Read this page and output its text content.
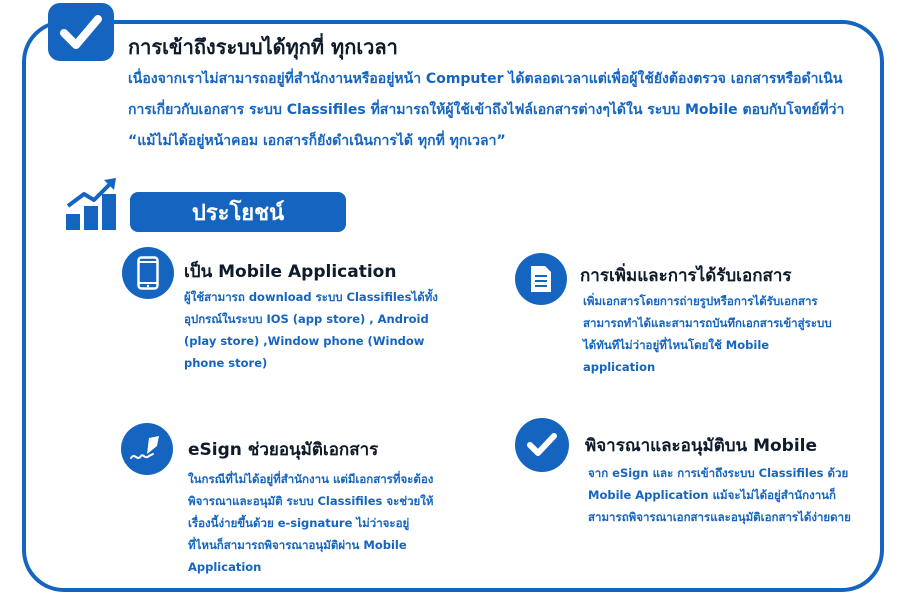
การเข้าถึงระบบได้ทุกที่ ทุกเวลา
เนื่องจากเราไม่สามารถอยู่ที่สำนักงานหรืออยู่หน้า Computer ได้ตลอดเวลาแต่เพื่อผู้ใช้ยังต้องตรวจ เอกสารหรือดำเนินการเกี่ยวกับเอกสาร ระบบ Classifiles ที่สามารถให้ผู้ใช้เข้าถึงไฟล์เอกสารต่างๆได้ใน ระบบ Mobile ตอบกับโจทย์ที่ว่า “แม้ไม่ได้อยู่หน้าคอม เอกสารก็ยังดำเนินการได้ ทุกที่ ทุกเวลา”
ประโยชน์
เป็น Mobile Application
ผู้ใช้สามารถ download ระบบ Classifilesได้ทั้งอุปกรณ์ในระบบ IOS (app store) , Android (play store) ,Window phone (Window phone store)
การเพิ่มและการได้รับเอกสาร
เพิ่มเอกสารโดยการถ่ายรูปหรือการได้รับเอกสารสามารถทำได้และสามารถบันทึกเอกสารเข้าสู่ระบบได้ทันทีไม่ว่าอยู่ที่ไหนโดยใช้ Mobile application
eSign ช่วยอนุมัติเอกสาร
ในกรณีที่ไม่ได้อยู่ที่สำนักงาน แต่มีเอกสารที่จะต้องพิจารณาและอนุมัติ ระบบ Classifiles จะช่วยให้เรื่องนี้ง่ายขึ้นด้วย e-signature ไม่ว่าจะอยู่ที่ไหนก็สามารถพิจารณาอนุมัติผ่าน Mobile Application
พิจารณาและอนุมัติบน Mobile
จาก eSign และ การเข้าถึงระบบ Classifiles ด้วย Mobile Application แม้จะไม่ได้อยู่สำนักงานก็สามารถพิจารณาเอกสารและอนุมัติเอกสารได้ง่ายดาย
